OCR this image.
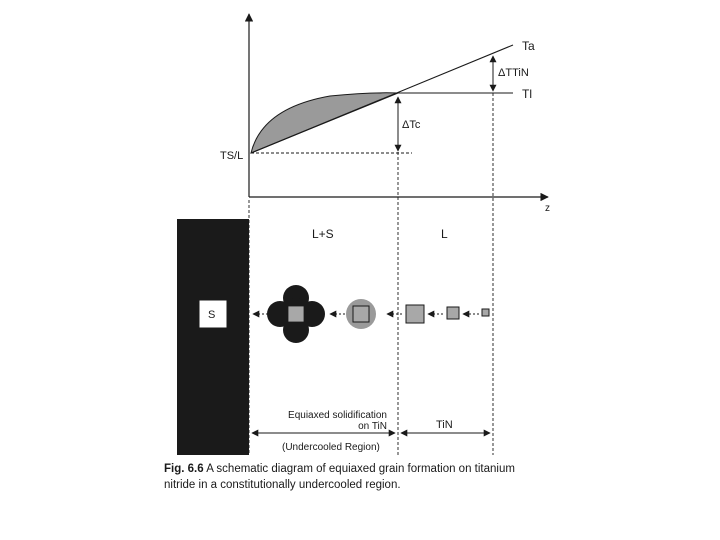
Ta
Tl
ΔTTiN
ΔTc
TS/L
z
L+S	L
S
Equiaxed solidification
on TiN
(Undercooled Region)
TiN
Fig. 6.6 A schematic diagram of equiaxed grain formation on titanium
nitride in a constitutionally undercooled region.
